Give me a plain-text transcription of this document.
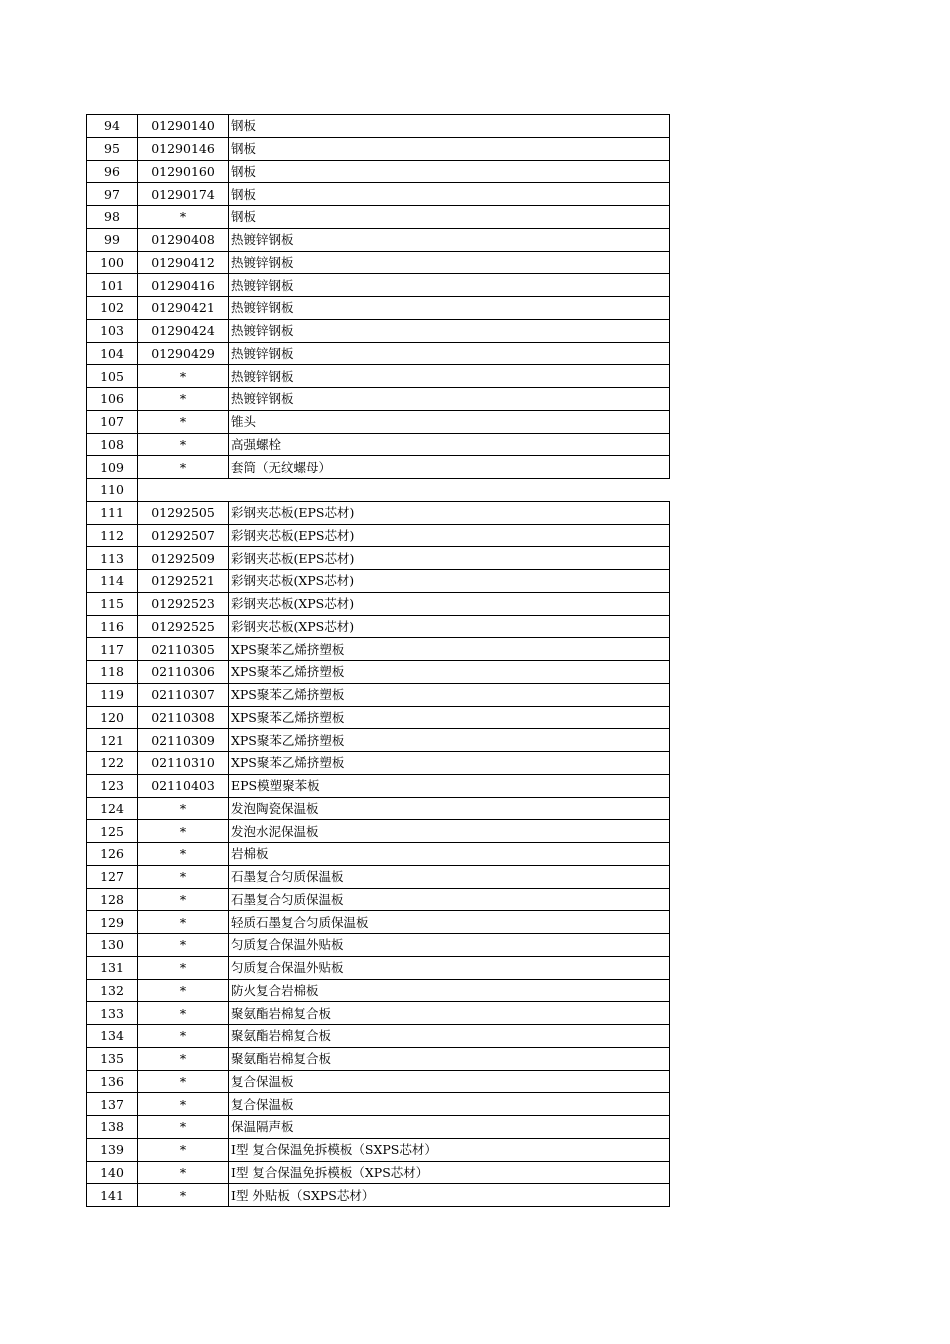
94	01290140	钢板
95	01290146	钢板
96	01290160	钢板
97	01290174	钢板
98	*	钢板
99	01290408	热镀锌钢板
100	01290412	热镀锌钢板
101	01290416	热镀锌钢板
102	01290421	热镀锌钢板
103	01290424	热镀锌钢板
104	01290429	热镀锌钢板
105	*	热镀锌钢板
106	*	热镀锌钢板
107	*	锥头
108	*	高强螺栓
109	*	套筒（无纹螺母）
110		
111	01292505	彩钢夹芯板(EPS芯材)
112	01292507	彩钢夹芯板(EPS芯材)
113	01292509	彩钢夹芯板(EPS芯材)
114	01292521	彩钢夹芯板(XPS芯材)
115	01292523	彩钢夹芯板(XPS芯材)
116	01292525	彩钢夹芯板(XPS芯材)
117	02110305	XPS聚苯乙烯挤塑板
118	02110306	XPS聚苯乙烯挤塑板
119	02110307	XPS聚苯乙烯挤塑板
120	02110308	XPS聚苯乙烯挤塑板
121	02110309	XPS聚苯乙烯挤塑板
122	02110310	XPS聚苯乙烯挤塑板
123	02110403	EPS模塑聚苯板
124	*	发泡陶瓷保温板
125	*	发泡水泥保温板
126	*	岩棉板
127	*	石墨复合匀质保温板
128	*	石墨复合匀质保温板
129	*	轻质石墨复合匀质保温板
130	*	匀质复合保温外贴板
131	*	匀质复合保温外贴板
132	*	防火复合岩棉板
133	*	聚氨酯岩棉复合板
134	*	聚氨酯岩棉复合板
135	*	聚氨酯岩棉复合板
136	*	复合保温板
137	*	复合保温板
138	*	保温隔声板
139	*	Ⅰ型 复合保温免拆模板（SXPS芯材）
140	*	Ⅰ型 复合保温免拆模板（XPS芯材）
141	*	Ⅰ型 外贴板（SXPS芯材）
